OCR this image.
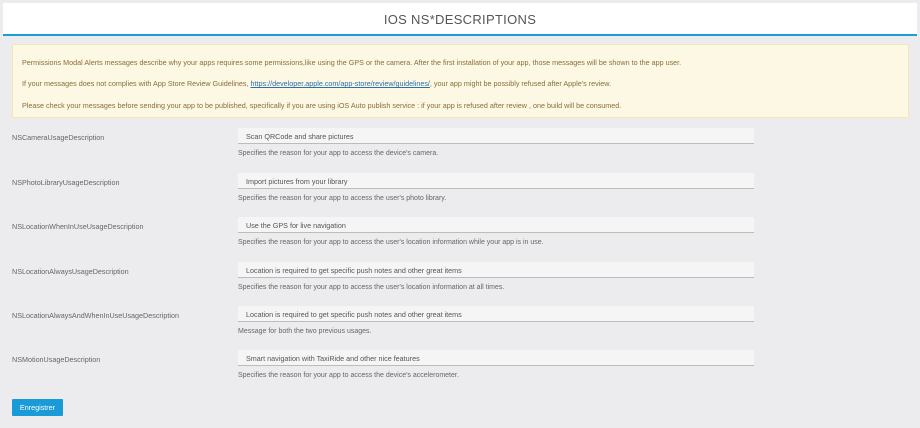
IOS NS*DESCRIPTIONS

Permissions Modal Alerts messages describe why your apps requires some permissions,like using the GPS or the camera. After the first installation of your app, those messages will be shown to the app user.

If your messages does not complies with App Store Review Guidelines, https://developer.apple.com/app-store/review/guidelines/, your app might be possibly refused after Apple's review.

Please check your messages before sending your app to be published, specifically if you are using iOS Auto publish service : if your app is refused after review , one build will be consumed.

NSCameraUsageDescription	Scan QRCode and share pictures
Specifies the reason for your app to access the device's camera.
NSPhotoLibraryUsageDescription	Import pictures from your library
Specifies the reason for your app to access the user's photo library.
NSLocationWhenInUseUsageDescription	Use the GPS for live navigation
Specifies the reason for your app to access the user's location information while your app is in use.
NSLocationAlwaysUsageDescription	Location is required to get specific push notes and other great items
Specifies the reason for your app to access the user's location information at all times.
NSLocationAlwaysAndWhenInUseUsageDescription	Location is required to get specific push notes and other great items
Message for both the two previous usages.
NSMotionUsageDescription	Smart navigation with TaxiRide and other nice features
Specifies the reason for your app to access the device's accelerometer.
Enregistrer
